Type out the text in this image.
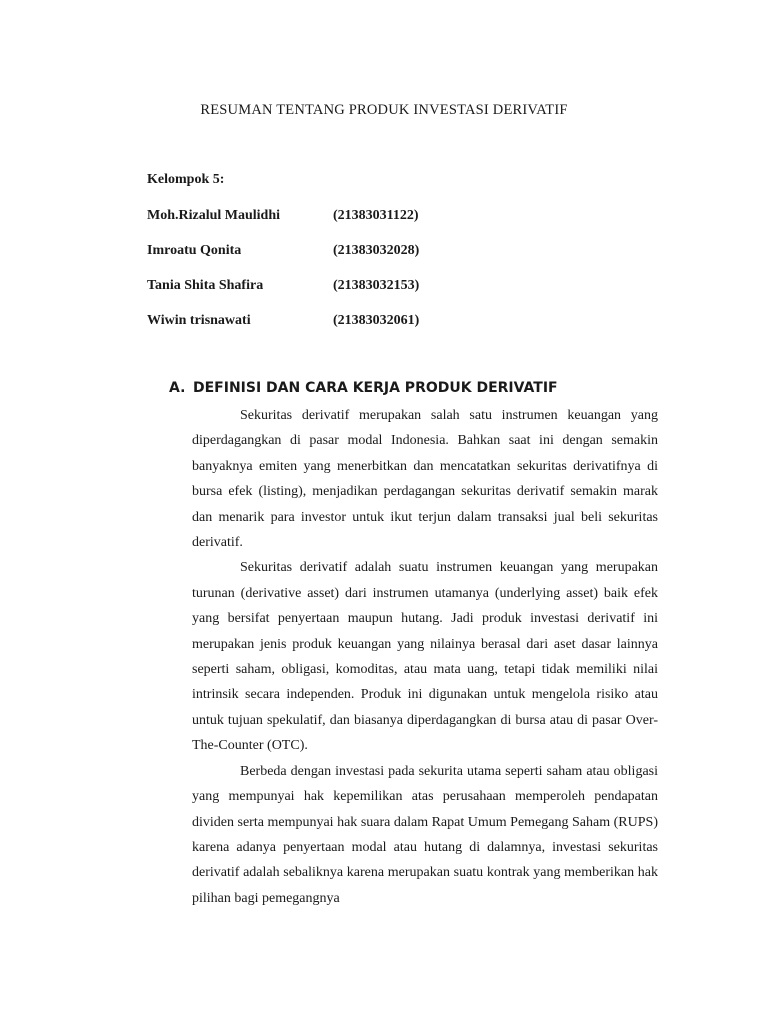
RESUMAN TENTANG PRODUK INVESTASI DERIVATIF
Kelompok 5:
Moh.Rizalul Maulidhi	(21383031122)
Imroatu Qonita	(21383032028)
Tania Shita Shafira	(21383032153)
Wiwin trisnawati	(21383032061)
A. DEFINISI DAN CARA KERJA PRODUK DERIVATIF

Sekuritas derivatif merupakan salah satu instrumen keuangan yang diperdagangkan di pasar modal Indonesia. Bahkan saat ini dengan semakin banyaknya emiten yang menerbitkan dan mencatatkan sekuritas derivatifnya di bursa efek (listing), menjadikan perdagangan sekuritas derivatif semakin marak dan menarik para investor untuk ikut terjun dalam transaksi jual beli sekuritas derivatif.

Sekuritas derivatif adalah suatu instrumen keuangan yang merupakan turunan (derivative asset) dari instrumen utamanya (underlying asset) baik efek yang bersifat penyertaan maupun hutang. Jadi produk investasi derivatif ini merupakan jenis produk keuangan yang nilainya berasal dari aset dasar lainnya seperti saham, obligasi, komoditas, atau mata uang, tetapi tidak memiliki nilai intrinsik secara independen. Produk ini digunakan untuk mengelola risiko atau untuk tujuan spekulatif, dan biasanya diperdagangkan di bursa atau di pasar Over-The-Counter (OTC).

Berbeda dengan investasi pada sekurita utama seperti saham atau obligasi yang mempunyai hak kepemilikan atas perusahaan memperoleh pendapatan dividen serta mempunyai hak suara dalam Rapat Umum Pemegang Saham (RUPS) karena adanya penyertaan modal atau hutang di dalamnya, investasi sekuritas derivatif adalah sebaliknya karena merupakan suatu kontrak yang memberikan hak pilihan bagi pemegangnya
